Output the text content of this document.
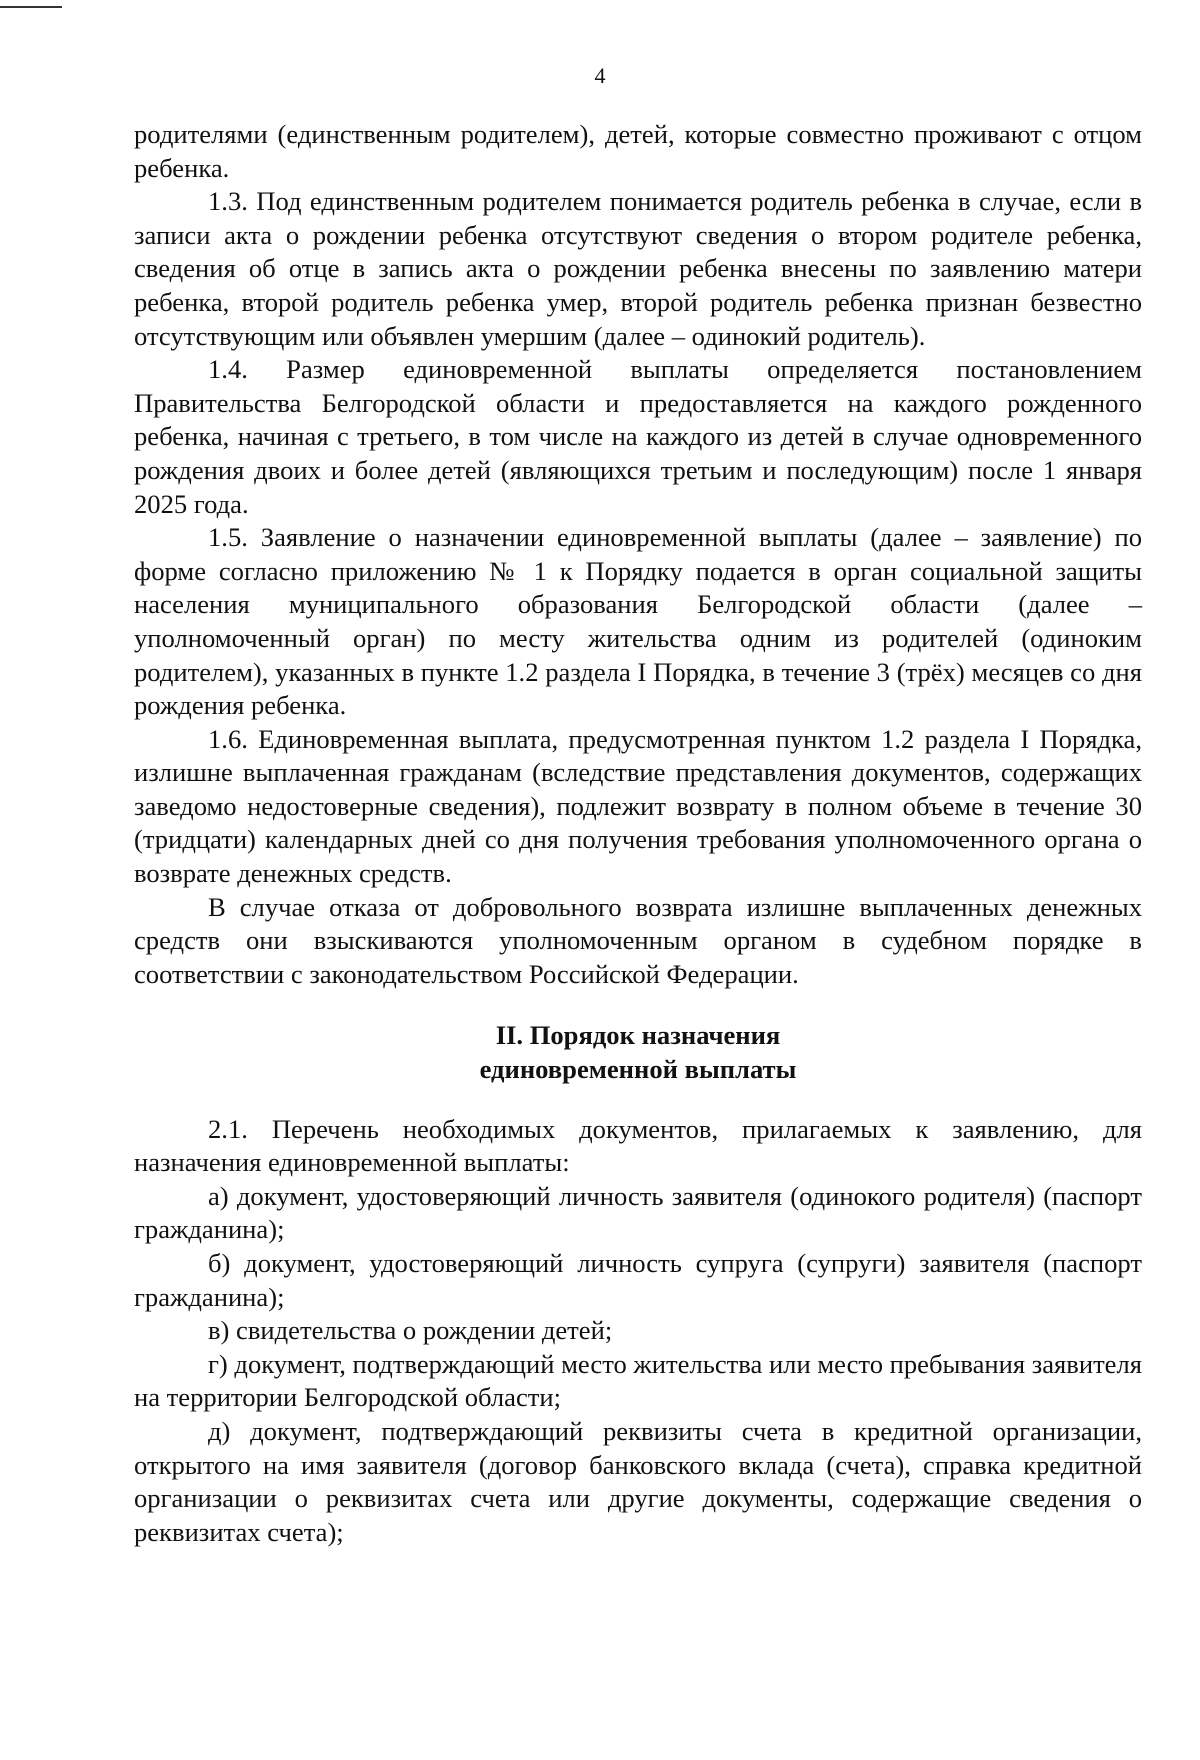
4

родителями (единственным родителем), детей, которые совместно проживают с отцом ребенка.

1.3. Под единственным родителем понимается родитель ребенка в случае, если в записи акта о рождении ребенка отсутствуют сведения о втором родителе ребенка, сведения об отце в запись акта о рождении ребенка внесены по заявлению матери ребенка, второй родитель ребенка умер, второй родитель ребенка признан безвестно отсутствующим или объявлен умершим (далее – одинокий родитель).

1.4. Размер единовременной выплаты определяется постановлением Правительства Белгородской области и предоставляется на каждого рожденного ребенка, начиная с третьего, в том числе на каждого из детей в случае одновременного рождения двоих и более детей (являющихся третьим и последующим) после 1 января 2025 года.

1.5. Заявление о назначении единовременной выплаты (далее – заявление) по форме согласно приложению № 1 к Порядку подается в орган социальной защиты населения муниципального образования Белгородской области (далее – уполномоченный орган) по месту жительства одним из родителей (одиноким родителем), указанных в пункте 1.2 раздела I Порядка, в течение 3 (трёх) месяцев со дня рождения ребенка.

1.6. Единовременная выплата, предусмотренная пунктом 1.2 раздела I Порядка, излишне выплаченная гражданам (вследствие представления документов, содержащих заведомо недостоверные сведения), подлежит возврату в полном объеме в течение 30 (тридцати) календарных дней со дня получения требования уполномоченного органа о возврате денежных средств.

В случае отказа от добровольного возврата излишне выплаченных денежных средств они взыскиваются уполномоченным органом в судебном порядке в соответствии с законодательством Российской Федерации.

II. Порядок назначения
единовременной выплаты

2.1. Перечень необходимых документов, прилагаемых к заявлению, для назначения единовременной выплаты:

а) документ, удостоверяющий личность заявителя (одинокого родителя) (паспорт гражданина);

б) документ, удостоверяющий личность супруга (супруги) заявителя (паспорт гражданина);

в) свидетельства о рождении детей;

г) документ, подтверждающий место жительства или место пребывания заявителя на территории Белгородской области;

д) документ, подтверждающий реквизиты счета в кредитной организации, открытого на имя заявителя (договор банковского вклада (счета), справка кредитной организации о реквизитах счета или другие документы, содержащие сведения о реквизитах счета);
